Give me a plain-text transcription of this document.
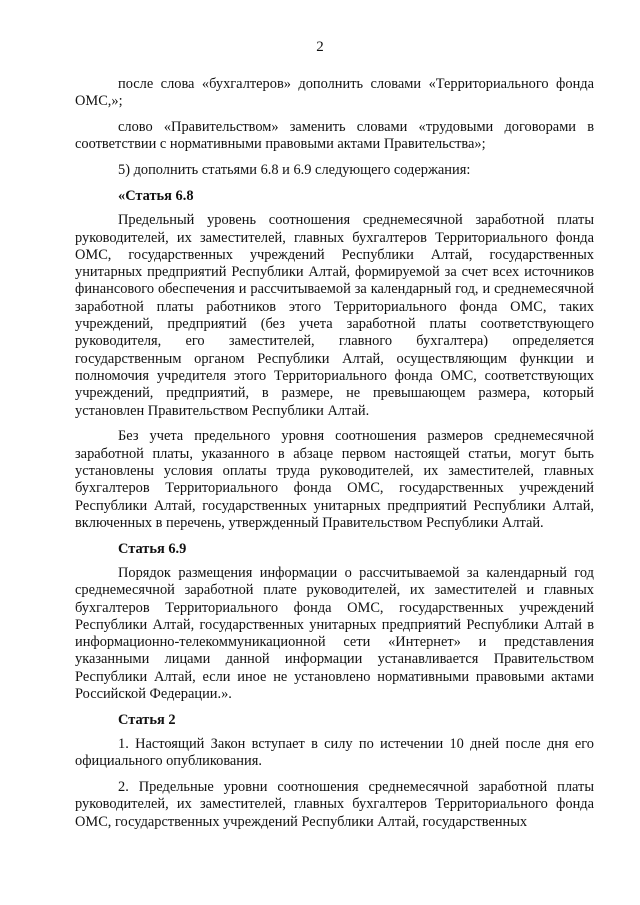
2

после слова «бухгалтеров» дополнить словами «Территориального фонда ОМС,»;

слово «Правительством» заменить словами «трудовыми договорами в соответствии с нормативными правовыми актами Правительства»;

5) дополнить статьями 6.8 и 6.9 следующего содержания:

«Статья 6.8

Предельный уровень соотношения среднемесячной заработной платы руководителей, их заместителей, главных бухгалтеров Территориального фонда ОМС, государственных учреждений Республики Алтай, государственных унитарных предприятий Республики Алтай, формируемой за счет всех источников финансового обеспечения и рассчитываемой за календарный год, и среднемесячной заработной платы работников этого Территориального фонда ОМС, таких учреждений, предприятий (без учета заработной платы соответствующего руководителя, его заместителей, главного бухгалтера) определяется государственным органом Республики Алтай, осуществляющим функции и полномочия учредителя этого Территориального фонда ОМС, соответствующих учреждений, предприятий, в размере, не превышающем размера, который установлен Правительством Республики Алтай.

Без учета предельного уровня соотношения размеров среднемесячной заработной платы, указанного в абзаце первом настоящей статьи, могут быть установлены условия оплаты труда руководителей, их заместителей, главных бухгалтеров Территориального фонда ОМС, государственных учреждений Республики Алтай, государственных унитарных предприятий Республики Алтай, включенных в перечень, утвержденный Правительством Республики Алтай.

Статья 6.9

Порядок размещения информации о рассчитываемой за календарный год среднемесячной заработной плате руководителей, их заместителей и главных бухгалтеров Территориального фонда ОМС, государственных учреждений Республики Алтай, государственных унитарных предприятий Республики Алтай в информационно-телекоммуникационной сети «Интернет» и представления указанными лицами данной информации устанавливается Правительством Республики Алтай, если иное не установлено нормативными правовыми актами Российской Федерации.».

Статья 2

1. Настоящий Закон вступает в силу по истечении 10 дней после дня его официального опубликования.

2. Предельные уровни соотношения среднемесячной заработной платы руководителей, их заместителей, главных бухгалтеров Территориального фонда ОМС, государственных учреждений Республики Алтай, государственных
